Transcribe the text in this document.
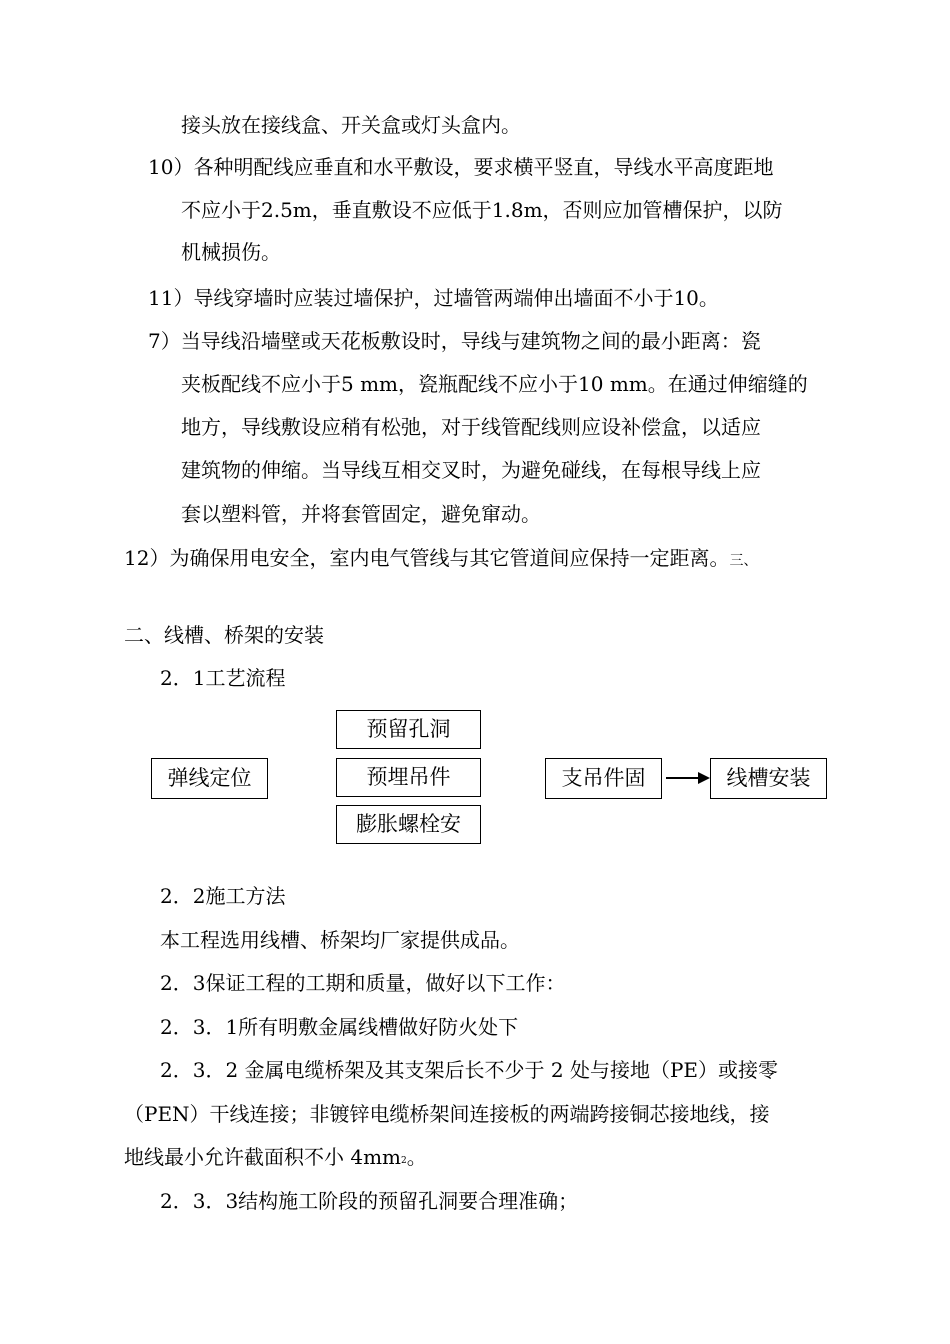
接头放在接线盒、开关盒或灯头盒内。
10）各种明配线应垂直和水平敷设，要求横平竖直，导线水平高度距地
不应小于2.5m，垂直敷设不应低于1.8m，否则应加管槽保护，以防
机械损伤。
11）导线穿墙时应装过墙保护，过墙管两端伸出墙面不小于10。
7）当导线沿墙壁或天花板敷设时，导线与建筑物之间的最小距离：瓷
夹板配线不应小于5 mm，瓷瓶配线不应小于10 mm。在通过伸缩缝的
地方，导线敷设应稍有松弛，对于线管配线则应设补偿盒，以适应
建筑物的伸缩。当导线互相交叉时，为避免碰线，在每根导线上应
套以塑料管，并将套管固定，避免窜动。
12）为确保用电安全，室内电气管线与其它管道间应保持一定距离。三、
二、线槽、桥架的安装
2．1工艺流程
弹线定位
预留孔洞
预埋吊件
膨胀螺栓安
支吊件固	线槽安装
2．2施工方法
本工程选用线槽、桥架均厂家提供成品。
2．3保证工程的工期和质量，做好以下工作：
2．3．1所有明敷金属线槽做好防火处下
2．3．2 金属电缆桥架及其支架后长不少于 2 处与接地（PE）或接零
（PEN）干线连接；非镀锌电缆桥架间连接板的两端跨接铜芯接地线，接
地线最小允许截面积不小 4mm2。
2．3．3结构施工阶段的预留孔洞要合理准确；
